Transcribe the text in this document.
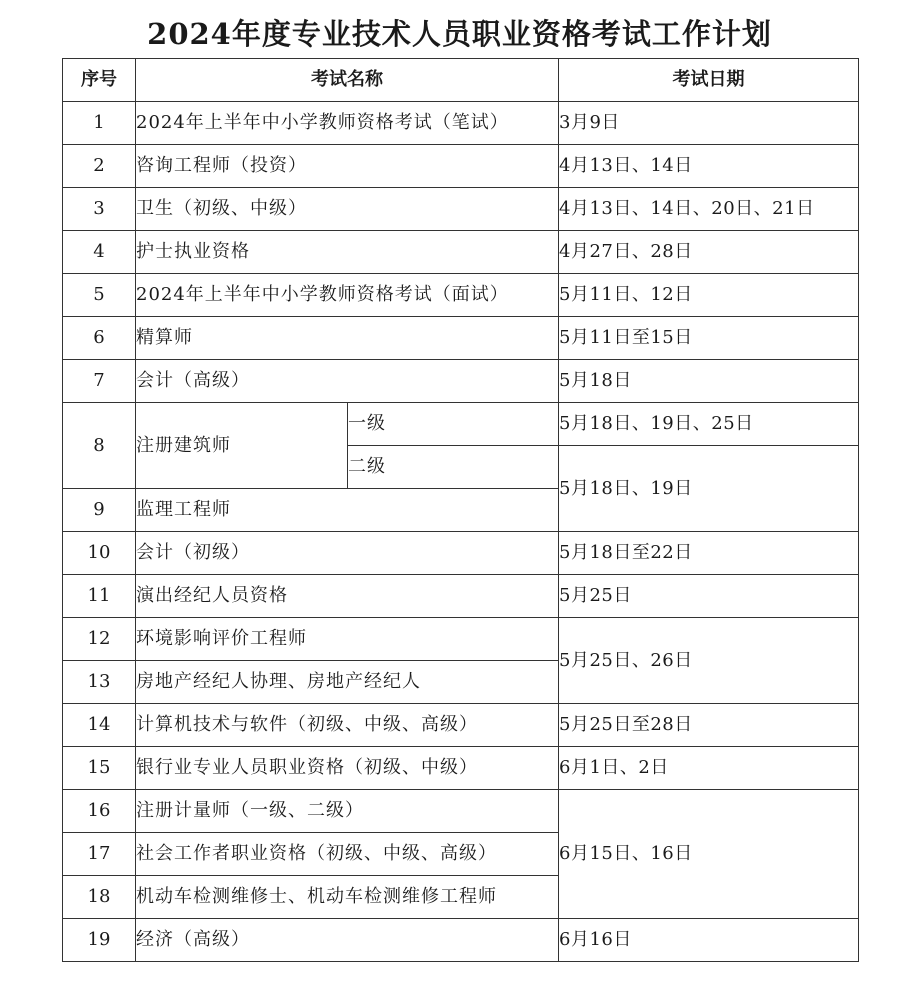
2024年度专业技术人员职业资格考试工作计划
序号	考试名称		考试日期
1	2024年上半年中小学教师资格考试（笔试）		3月9日
2	咨询工程师（投资）		4月13日、14日
3	卫生（初级、中级）		4月13日、14日、20日、21日
4	护士执业资格		4月27日、28日
5	2024年上半年中小学教师资格考试（面试）		5月11日、12日
6	精算师		5月11日至15日
7	会计（高级）		5月18日
8	注册建筑师	一级	5月18日、19日、25日
		二级	5月18日、19日
9	监理工程师		
10	会计（初级）		5月18日至22日
11	演出经纪人员资格		5月25日
12	环境影响评价工程师		5月25日、26日
13	房地产经纪人协理、房地产经纪人		
14	计算机技术与软件（初级、中级、高级）		5月25日至28日
15	银行业专业人员职业资格（初级、中级）		6月1日、2日
16	注册计量师（一级、二级）		6月15日、16日
17	社会工作者职业资格（初级、中级、高级）		
18	机动车检测维修士、机动车检测维修工程师		
19	经济（高级）		6月16日
